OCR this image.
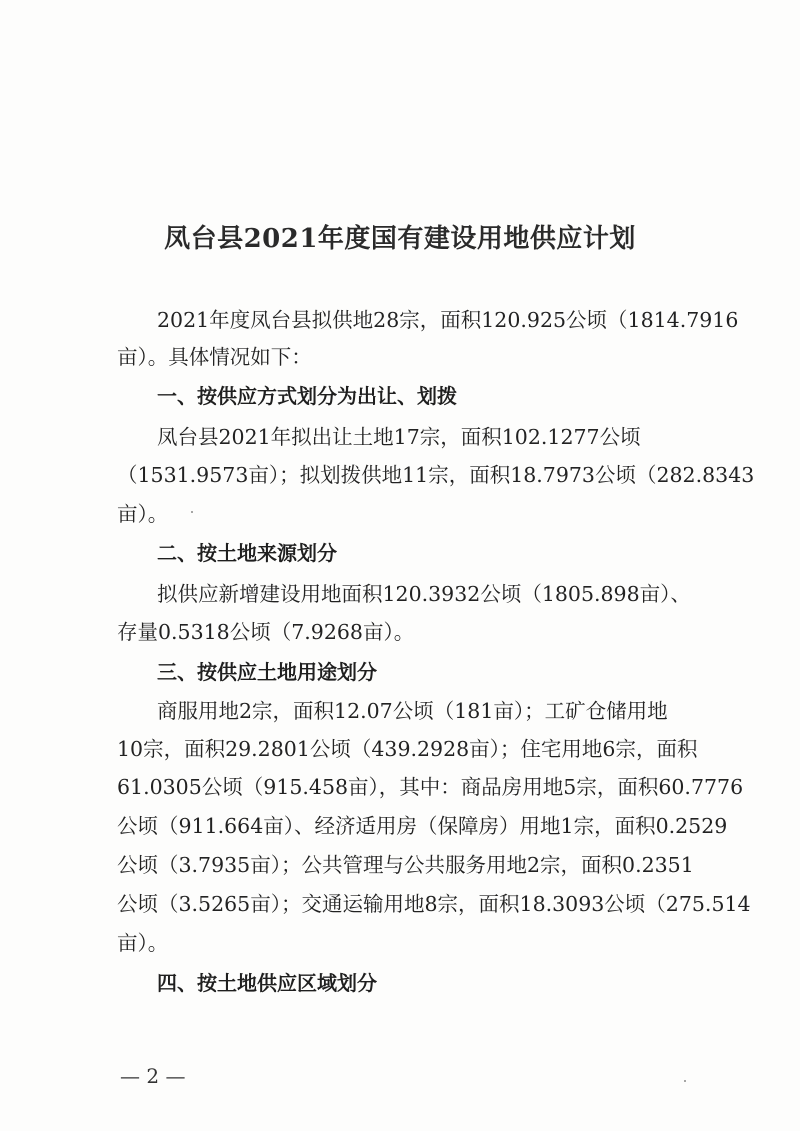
凤台县2021年度国有建设用地供应计划
2021年度凤台县拟供地28宗，面积120.925公顷（1814.7916
亩）。具体情况如下：
一、按供应方式划分为出让、划拨
凤台县2021年拟出让土地17宗，面积102.1277公顷
（1531.9573亩）；拟划拨供地11宗，面积18.7973公顷（282.8343
亩）。
二、按土地来源划分
拟供应新增建设用地面积120.3932公顷（1805.898亩）、
存量0.5318公顷（7.9268亩）。
三、按供应土地用途划分
商服用地2宗，面积12.07公顷（181亩）；工矿仓储用地
10宗，面积29.2801公顷（439.2928亩）；住宅用地6宗，面积
61.0305公顷（915.458亩），其中：商品房用地5宗，面积60.7776
公顷（911.664亩）、经济适用房（保障房）用地1宗，面积0.2529
公顷（3.7935亩）；公共管理与公共服务用地2宗，面积0.2351
公顷（3.5265亩）；交通运输用地8宗，面积18.3093公顷（275.514
亩）。
四、按土地供应区域划分
— 2 —
